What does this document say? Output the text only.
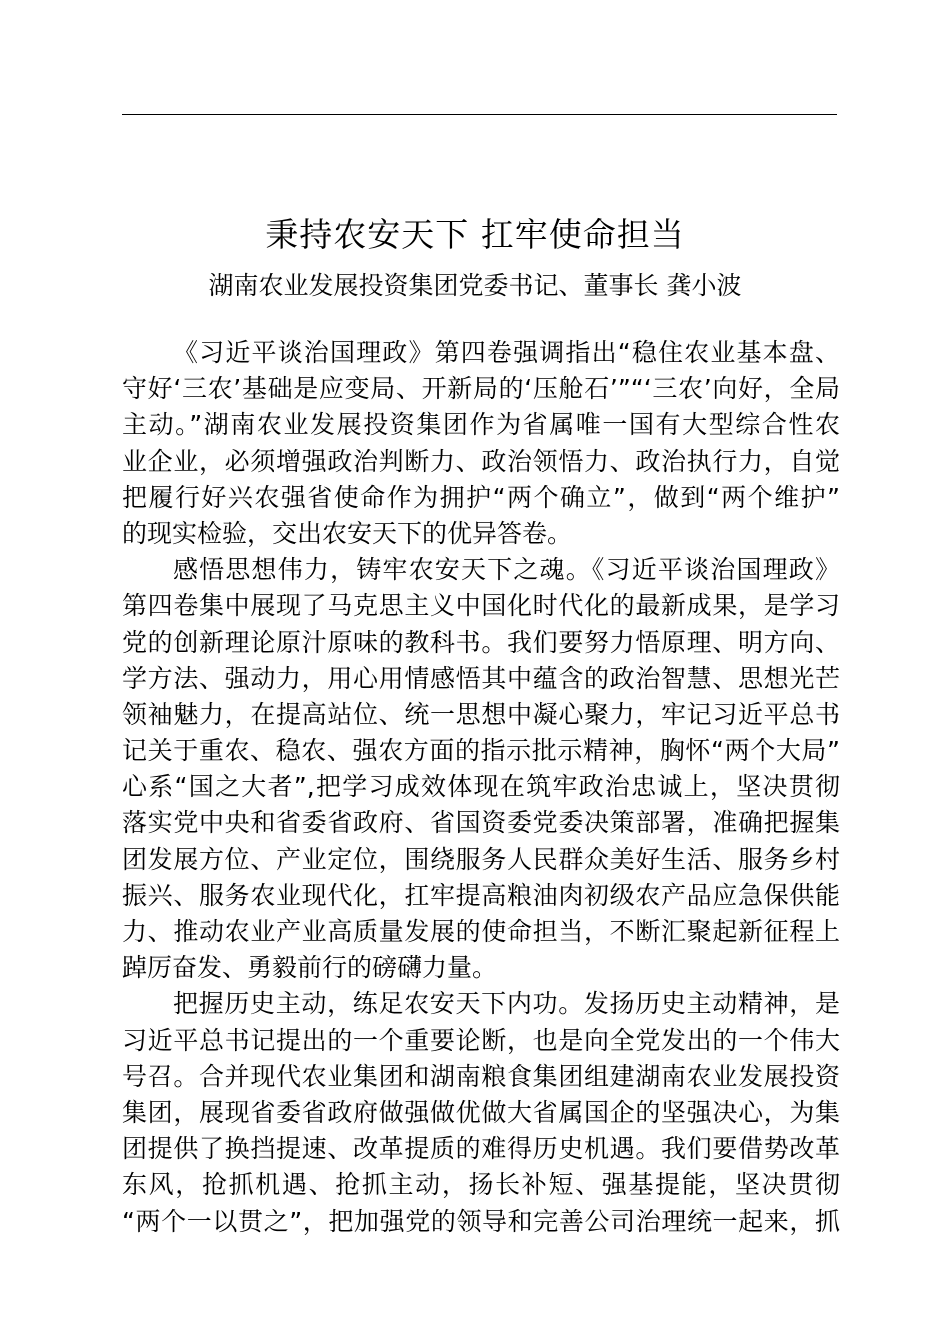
秉持农安天下 扛牢使命担当
湖南农业发展投资集团党委书记、董事长 龚小波
《习近平谈治国理政》第四卷强调指出“稳住农业基本盘、
守好‘三农’基础是应变局、开新局的‘压舱石’”“‘三农’向好，全局
主动。”湖南农业发展投资集团作为省属唯一国有大型综合性农
业企业，必须增强政治判断力、政治领悟力、政治执行力，自觉
把履行好兴农强省使命作为拥护“两个确立”，做到“两个维护”
的现实检验，交出农安天下的优异答卷。
感悟思想伟力，铸牢农安天下之魂。《习近平谈治国理政》
第四卷集中展现了马克思主义中国化时代化的最新成果，是学习
党的创新理论原汁原味的教科书。我们要努力悟原理、明方向、
学方法、强动力，用心用情感悟其中蕴含的政治智慧、思想光芒
领袖魅力，在提高站位、统一思想中凝心聚力，牢记习近平总书
记关于重农、稳农、强农方面的指示批示精神，胸怀“两个大局”
心系“国之大者”,把学习成效体现在筑牢政治忠诚上，坚决贯彻
落实党中央和省委省政府、省国资委党委决策部署，准确把握集
团发展方位、产业定位，围绕服务人民群众美好生活、服务乡村
振兴、服务农业现代化，扛牢提高粮油肉初级农产品应急保供能
力、推动农业产业高质量发展的使命担当，不断汇聚起新征程上
踔厉奋发、勇毅前行的磅礴力量。
把握历史主动，练足农安天下内功。发扬历史主动精神，是
习近平总书记提出的一个重要论断，也是向全党发出的一个伟大
号召。合并现代农业集团和湖南粮食集团组建湖南农业发展投资
集团，展现省委省政府做强做优做大省属国企的坚强决心，为集
团提供了换挡提速、改革提质的难得历史机遇。我们要借势改革
东风，抢抓机遇、抢抓主动，扬长补短、强基提能，坚决贯彻
“两个一以贯之”，把加强党的领导和完善公司治理统一起来，抓
